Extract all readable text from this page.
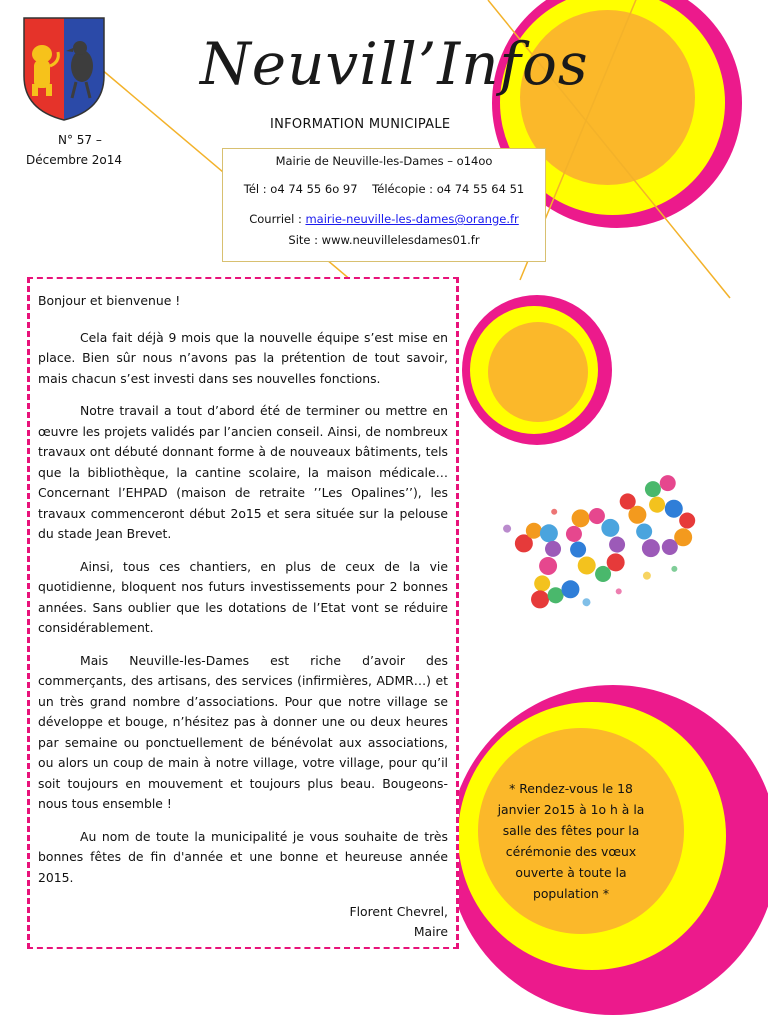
Neuvill’Infos
INFORMATION MUNICIPALE
N° 57 –
Décembre 2o14	Mairie de Neuville-les-Dames – o14oo
Tél : o4 74 55 6o 97 Télécopie : o4 74 55 64 51
Courriel : mairie-neuville-les-dames@orange.fr
Site : www.neuvillelesdames01.fr

Bonjour et bienvenue !

Cela fait déjà 9 mois que la nouvelle équipe s’est mise en place. Bien sûr nous n’avons pas la prétention de tout savoir, mais chacun s’est investi dans ses nouvelles fonctions.

Notre travail a tout d’abord été de terminer ou mettre en œuvre les projets validés par l’ancien conseil. Ainsi, de nombreux travaux ont débuté donnant forme à de nouveaux bâtiments, tels que la bibliothèque, la cantine scolaire, la maison médicale… Concernant l’EHPAD (maison de retraite ’’Les Opalines’’), les travaux commenceront début 2o15 et sera située sur la pelouse du stade Jean Brevet.

Ainsi, tous ces chantiers, en plus de ceux de la vie quotidienne, bloquent nos futurs investissements pour 2 bonnes années. Sans oublier que les dotations de l’Etat vont se réduire considérablement.

Mais Neuville-les-Dames est riche d’avoir des commerçants, des artisans, des services (infirmières, ADMR…) et un très grand nombre d’associations. Pour que notre village se développe et bouge, n’hésitez pas à donner une ou deux heures par semaine ou ponctuellement de bénévolat aux associations, ou alors un coup de main à notre village, votre village, pour qu’il soit toujours en mouvement et toujours plus beau. Bougeons-nous tous ensemble !

Au nom de toute la municipalité je vous souhaite de très bonnes fêtes de fin d'année et une bonne et heureuse année 2015.

Florent Chevrel,
Maire
* Rendez-vous le 18 janvier 2o15 à 1o h à la salle des fêtes pour la cérémonie des vœux ouverte à toute la population *
